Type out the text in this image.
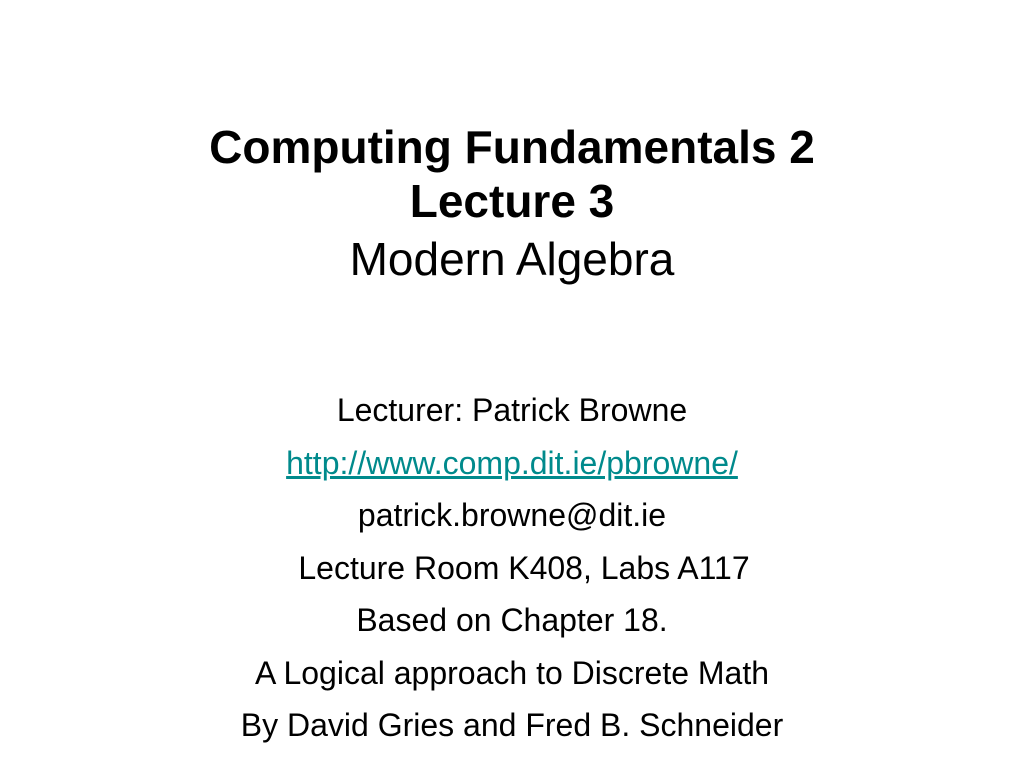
Computing Fundamentals 2
Lecture 3
Modern Algebra
Lecturer: Patrick Browne
http://www.comp.dit.ie/pbrowne/
patrick.browne@dit.ie
Lecture Room K408, Labs A117
Based on Chapter 18.
A Logical approach to Discrete Math
By David Gries and Fred B. Schneider
